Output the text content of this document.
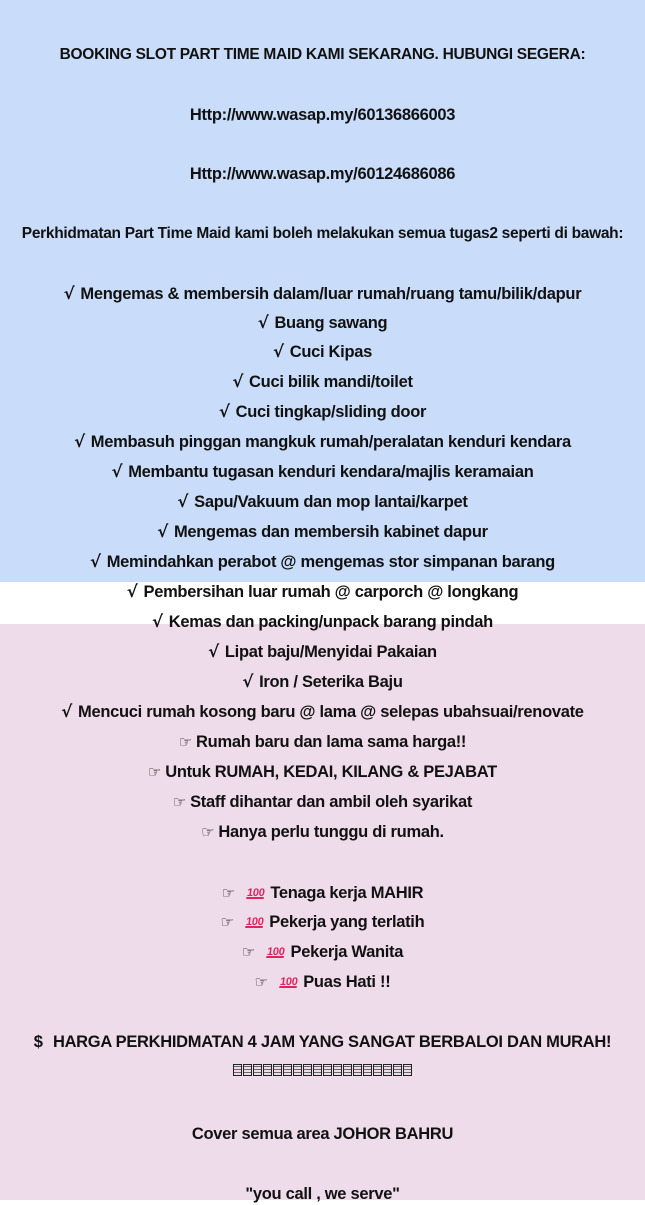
BOOKING SLOT PART TIME MAID KAMI SEKARANG. HUBUNGI SEGERA:
Http://www.wasap.my/60136866003
Http://www.wasap.my/60124686086
Perkhidmatan Part Time Maid kami boleh melakukan semua tugas2 seperti di bawah:
√ Mengemas & membersih dalam/luar rumah/ruang tamu/bilik/dapur
√ Buang sawang
√ Cuci Kipas
√ Cuci bilik mandi/toilet
√ Cuci tingkap/sliding door
√ Membasuh pinggan mangkuk rumah/peralatan kenduri kendara
√ Membantu tugasan kenduri kendara/majlis keramaian
√ Sapu/Vakuum dan mop lantai/karpet
√ Mengemas dan membersih kabinet dapur
√ Memindahkan perabot @ mengemas stor simpanan barang
√ Pembersihan luar rumah @ carporch @ longkang
√ Kemas dan packing/unpack barang pindah
√ Lipat baju/Menyidai Pakaian
√ Iron / Seterika Baju
√ Mencuci rumah kosong baru @ lama @ selepas ubahsuai/renovate
☞ Rumah baru dan lama sama harga!!
☞ Untuk RUMAH, KEDAI, KILANG & PEJABAT
☞ Staff dihantar dan ambil oleh syarikat
☞ Hanya perlu tunggu di rumah.
☞ 100 Tenaga kerja MAHIR
☞ 100 Pekerja yang terlatih
☞ 100 Pekerja Wanita
☞ 100 Puas Hati !!
$ HARGA PERKHIDMATAN 4 JAM YANG SANGAT BERBALOI DAN MURAH!
Cover semua area JOHOR BAHRU
"you call , we serve"
